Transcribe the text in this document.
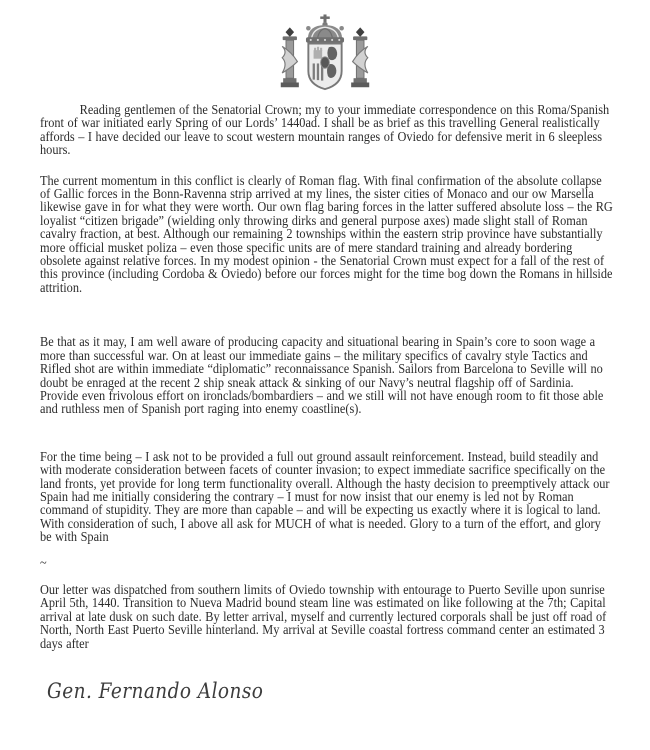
Reading gentlemen of the Senatorial Crown; my to your immediate correspondence on this Roma/Spanish front of war initiated early Spring of our Lords’ 1440ad. I shall be as brief as this travelling General realistically affords – I have decided our leave to scout western mountain ranges of Oviedo for defensive merit in 6 sleepless hours.

The current momentum in this conflict is clearly of Roman flag. With final confirmation of the absolute collapse of Gallic forces in the Bonn-Ravenna strip arrived at my lines, the sister cities of Monaco and our ow Marsella likewise gave in for what they were worth. Our own flag baring forces in the latter suffered absolute loss – the RG loyalist “citizen brigade” (wielding only throwing dirks and general purpose axes) made slight stall of Roman cavalry fraction, at best. Although our remaining 2 townships within the eastern strip province have substantially more official musket poliza – even those specific units are of mere standard training and already bordering obsolete against relative forces. In my modest opinion - the Senatorial Crown must expect for a fall of the rest of this province (including Cordoba & Oviedo) before our forces might for the time bog down the Romans in hillside attrition.

Be that as it may, I am well aware of producing capacity and situational bearing in Spain’s core to soon wage a more than successful war. On at least our immediate gains – the military specifics of cavalry style Tactics and Rifled shot are within immediate “diplomatic” reconnaissance Spanish. Sailors from Barcelona to Seville will no doubt be enraged at the recent 2 ship sneak attack & sinking of our Navy’s neutral flagship off of Sardinia. Provide even frivolous effort on ironclads/bombardiers – and we still will not have enough room to fit those able and ruthless men of Spanish port raging into enemy coastline(s).

For the time being – I ask not to be provided a full out ground assault reinforcement. Instead, build steadily and with moderate consideration between facets of counter invasion; to expect immediate sacrifice specifically on the land fronts, yet provide for long term functionality overall. Although the hasty decision to preemptively attack our Spain had me initially considering the contrary – I must for now insist that our enemy is led not by Roman command of stupidity. They are more than capable – and will be expecting us exactly where it is logical to land. With consideration of such, I above all ask for MUCH of what is needed. Glory to a turn of the effort, and glory be with Spain

~

Our letter was dispatched from southern limits of Oviedo township with entourage to Puerto Seville upon sunrise April 5th, 1440. Transition to Nueva Madrid bound steam line was estimated on like following at the 7th; Capital arrival at late dusk on such date. By letter arrival, myself and currently lectured corporals shall be just off road of North, North East Puerto Seville hinterland. My arrival at Seville coastal fortress command center an estimated 3 days after

Gen. Fernando Alonso
